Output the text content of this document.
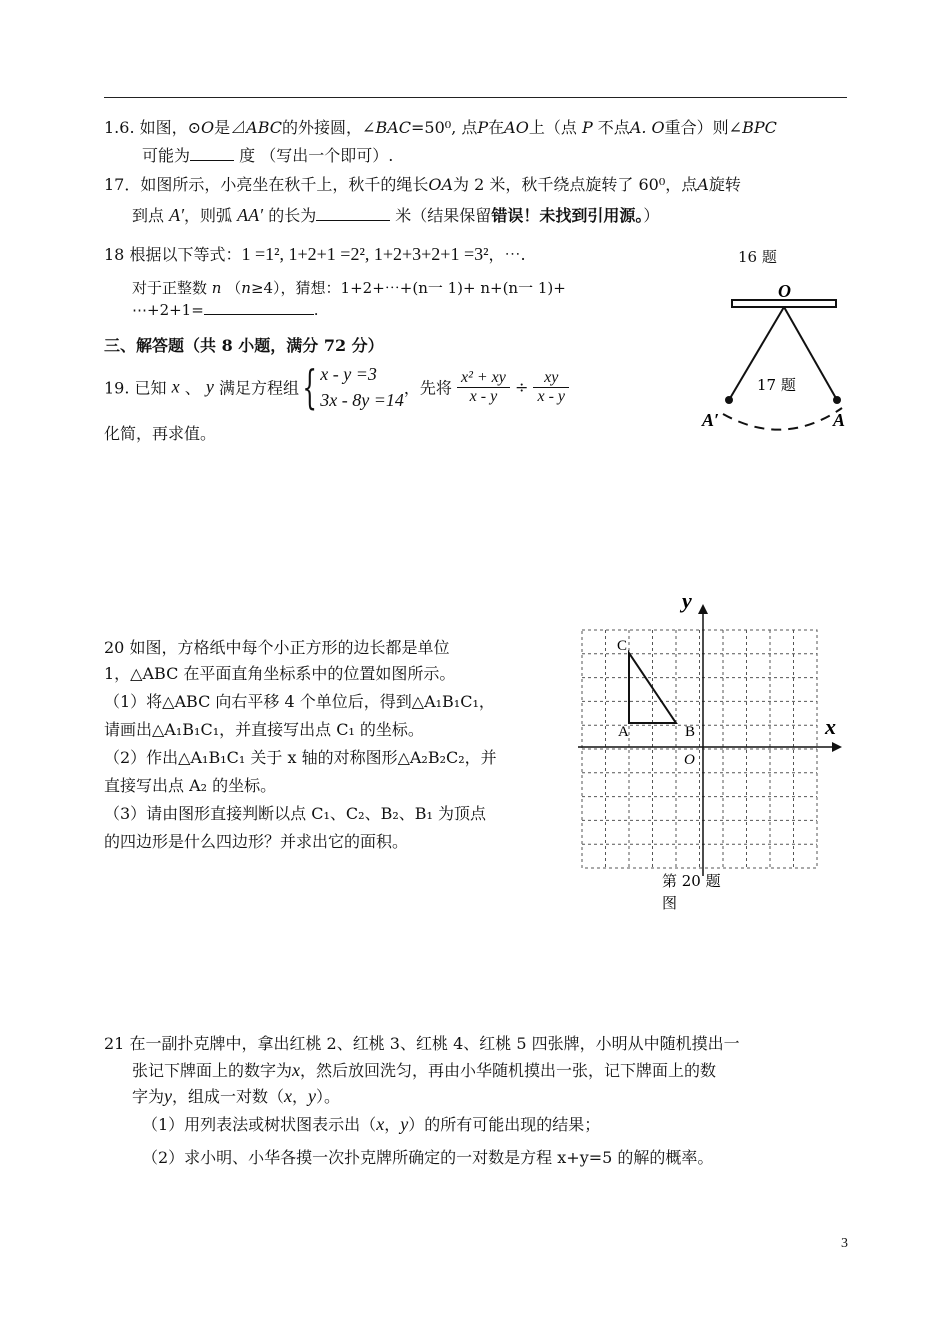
1.6. 如图，⊙O是⊿ABC的外接圆，∠BAC=50⁰, 点P在AO上（点 P 不点A. O重合）则∠BPC
可能为	度 （写出一个即可）.
17．如图所示，小亮坐在秋千上，秋千的绳长OA为 2 米，秋千绕点旋转了 60⁰，点A旋转
到点 A′，则弧 AA′ 的长为	米（结果保留错误！未找到引用源。）
18 根据以下等式：1 =1², 1+2+1 =2², 1+2+3+2+1 =3²，⋯.
对于正整数 n （n≥4），猜想：1+2+⋯+(n一 1)+ n+(n一 1)+
⋯+2+1=	.
三、解答题（共 8 小题，满分 72 分）
19. 已知 x 、 y 满足方程组{ x - y =3
3x - 8y =14
，先将 $\frac{\text{x² + xy}}{x - y} \div \frac{xy}{x - y}$
化简，再求值。
16 题
O
17 题
A′	A
20 如图，方格纸中每个小正方形的边长都是单位
1，△ABC 在平面直角坐标系中的位置如图所示。
（1）将△ABC 向右平移 4 个单位后，得到△A₁B₁C₁，
请画出△A₁B₁C₁，并直接写出点 C₁ 的坐标。
（2）作出△A₁B₁C₁ 关于 x 轴的对称图形△A₂B₂C₂，并
直接写出点 A₂ 的坐标。
（3）请由图形直接判断以点 C₁、C₂、B₂、B₁ 为顶点
的四边形是什么四边形？并求出它的面积。
y
x
O
A	B
C
第 20 题
图
21 在一副扑克牌中，拿出红桃 2、红桃 3、红桃 4、红桃 5 四张牌，小明从中随机摸出一
张记下牌面上的数字为x，然后放回洗匀，再由小华随机摸出一张，记下牌面上的数
字为y，组成一对数（x，y）。
（1）用列表法或树状图表示出（x，y）的所有可能出现的结果；
（2）求小明、小华各摸一次扑克牌所确定的一对数是方程 x+y=5 的解的概率。
3
